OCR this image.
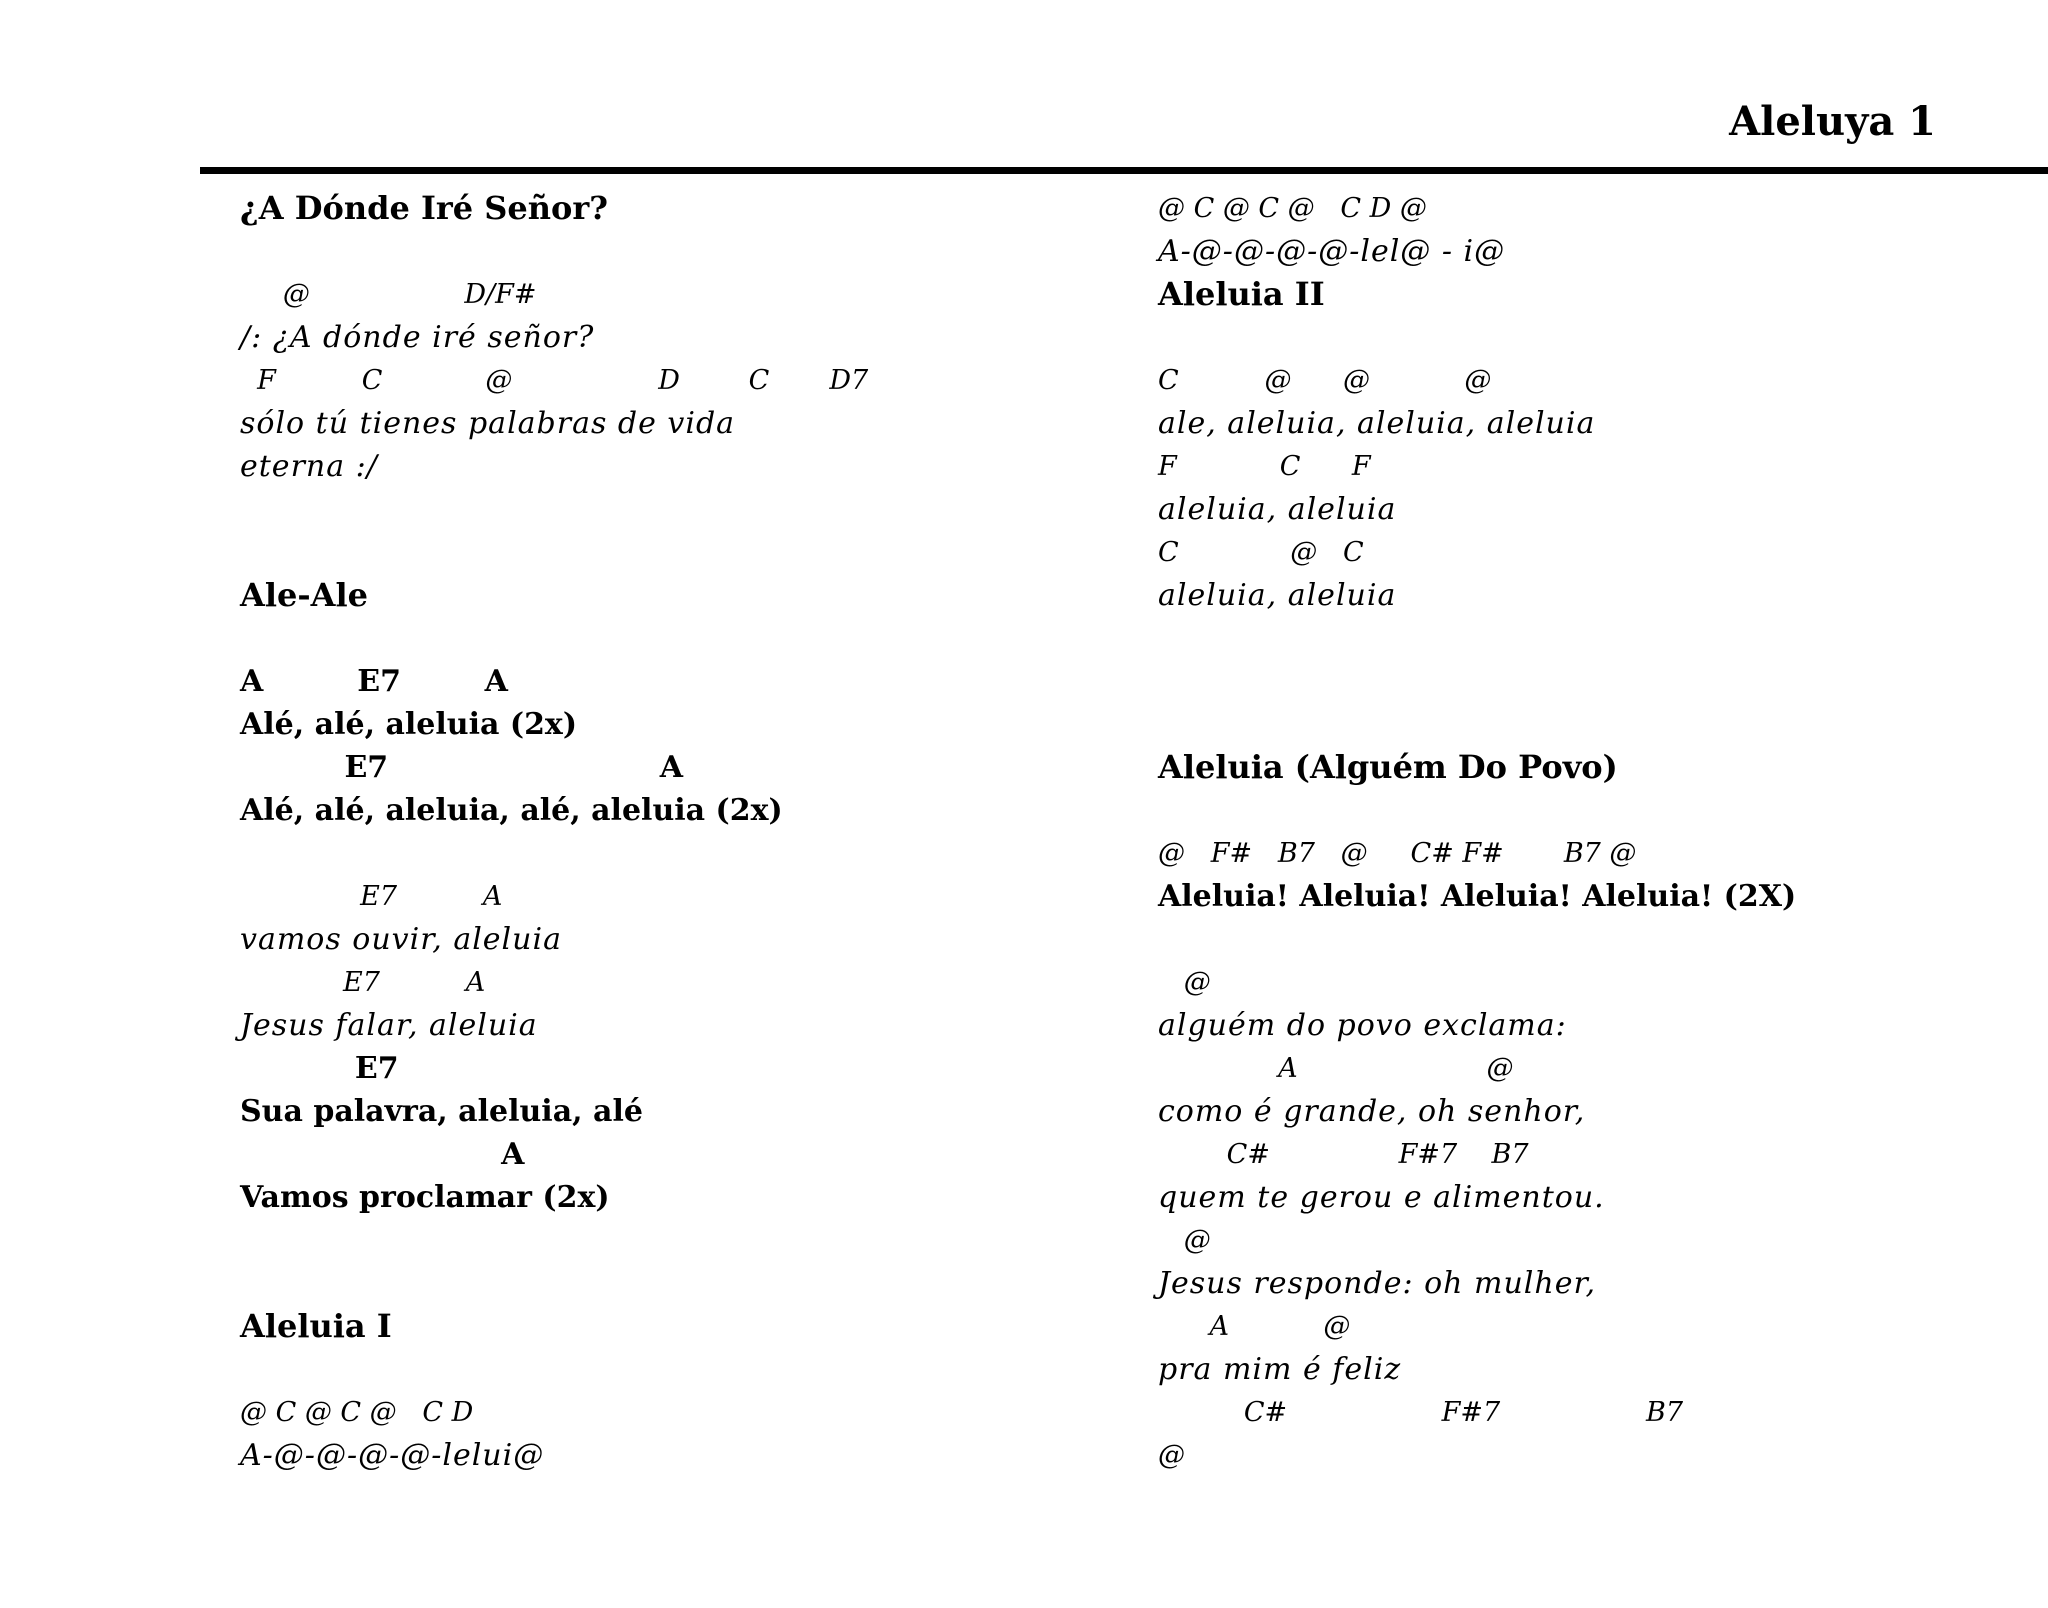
Aleluya 1
¿A Dónde Iré Señor?
@                  D/F#
/: ¿A dónde iré señor?
F          C            @                 D        C       D7
sólo tú tienes palabras de vida
eterna :/
Ale-Ale
A         E7        A
Alé, alé, aleluia (2x)
E7                          A
Alé, alé, aleluia, alé, aleluia (2x)
E7          A
vamos ouvir, aleluia
E7          A
Jesus falar, aleluia
E7
Sua palavra, aleluia, alé
A
Vamos proclamar (2x)
Aleluia I
@ C @ C @   C D
A-@-@-@-@-lelui@
@ C @ C @   C D @
A-@-@-@-@-lel@ - i@
Aleluia II
C          @      @           @
ale, aleluia, aleluia, aleluia
F            C      F
aleluia, aleluia
C             @   C
aleluia, aleluia
Aleluia (Alguém Do Povo)
@   F#   B7   @     C# F#       B7 @
Aleluia! Aleluia! Aleluia! Aleluia! (2X)
@
alguém do povo exclama:
A                      @
como é grande, oh senhor,
C#               F#7    B7
quem te gerou e alimentou.
@
Jesus responde: oh mulher,
A           @
pra mim é feliz
C#                  F#7                 B7
@
